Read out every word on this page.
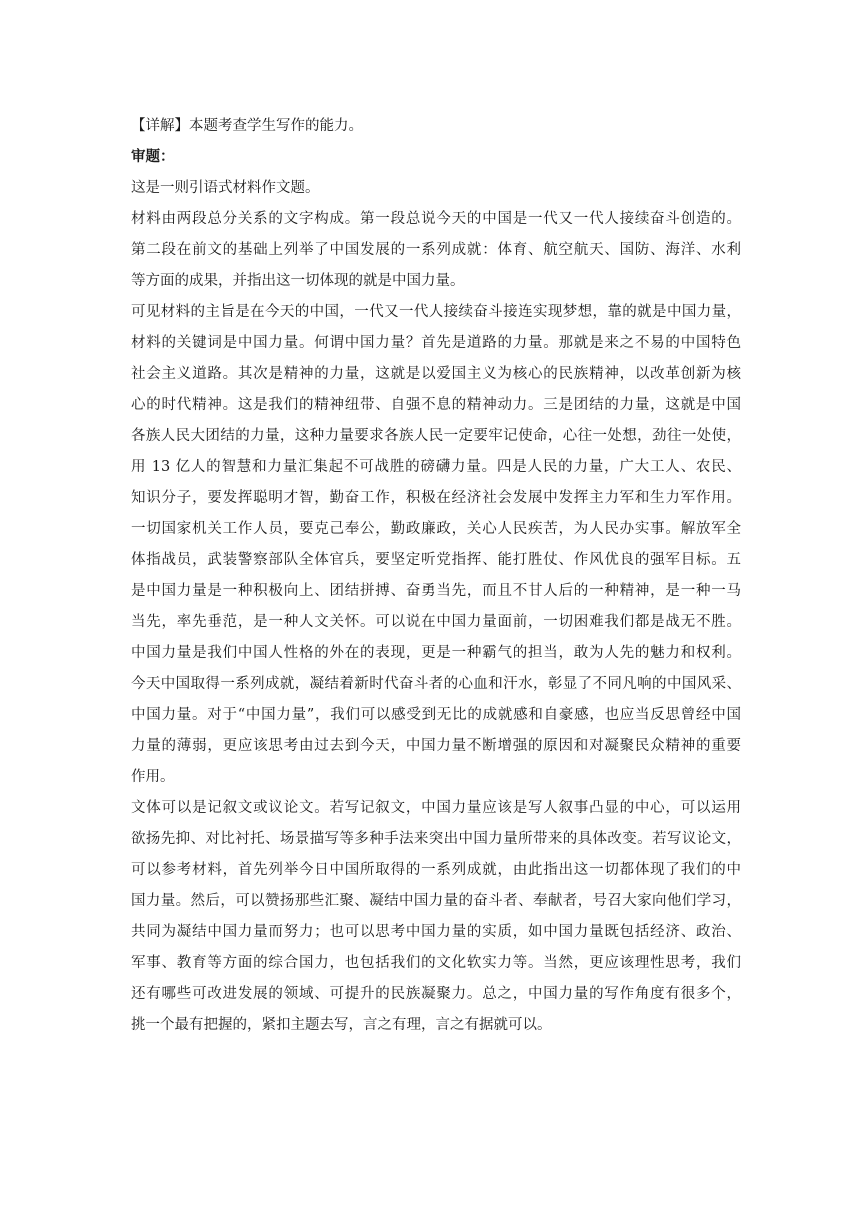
【详解】本题考查学生写作的能力。
审题：
这是一则引语式材料作文题。
材料由两段总分关系的文字构成。第一段总说今天的中国是一代又一代人接续奋斗创造的。
第二段在前文的基础上列举了中国发展的一系列成就：体育、航空航天、国防、海洋、水利
等方面的成果，并指出这一切体现的就是中国力量。
可见材料的主旨是在今天的中国，一代又一代人接续奋斗接连实现梦想，靠的就是中国力量，
材料的关键词是中国力量。何谓中国力量？首先是道路的力量。那就是来之不易的中国特色
社会主义道路。其次是精神的力量，这就是以爱国主义为核心的民族精神，以改革创新为核
心的时代精神。这是我们的精神纽带、自强不息的精神动力。三是团结的力量，这就是中国
各族人民大团结的力量，这种力量要求各族人民一定要牢记使命，心往一处想，劲往一处使，
用 13 亿人的智慧和力量汇集起不可战胜的磅礴力量。四是人民的力量，广大工人、农民、
知识分子，要发挥聪明才智，勤奋工作，积极在经济社会发展中发挥主力军和生力军作用。
一切国家机关工作人员，要克己奉公，勤政廉政，关心人民疾苦，为人民办实事。解放军全
体指战员，武装警察部队全体官兵，要坚定听党指挥、能打胜仗、作风优良的强军目标。五
是中国力量是一种积极向上、团结拼搏、奋勇当先，而且不甘人后的一种精神，是一种一马
当先，率先垂范，是一种人文关怀。可以说在中国力量面前，一切困难我们都是战无不胜。
中国力量是我们中国人性格的外在的表现，更是一种霸气的担当，敢为人先的魅力和权利。
今天中国取得一系列成就，凝结着新时代奋斗者的心血和汗水，彰显了不同凡响的中国风采、
中国力量。对于“中国力量”，我们可以感受到无比的成就感和自豪感，也应当反思曾经中国
力量的薄弱，更应该思考由过去到今天，中国力量不断增强的原因和对凝聚民众精神的重要
作用。
文体可以是记叙文或议论文。若写记叙文，中国力量应该是写人叙事凸显的中心，可以运用
欲扬先抑、对比衬托、场景描写等多种手法来突出中国力量所带来的具体改变。若写议论文，
可以参考材料，首先列举今日中国所取得的一系列成就，由此指出这一切都体现了我们的中
国力量。然后，可以赞扬那些汇聚、凝结中国力量的奋斗者、奉献者，号召大家向他们学习，
共同为凝结中国力量而努力；也可以思考中国力量的实质，如中国力量既包括经济、政治、
军事、教育等方面的综合国力，也包括我们的文化软实力等。当然，更应该理性思考，我们
还有哪些可改进发展的领域、可提升的民族凝聚力。总之，中国力量的写作角度有很多个，
挑一个最有把握的，紧扣主题去写，言之有理，言之有据就可以。
